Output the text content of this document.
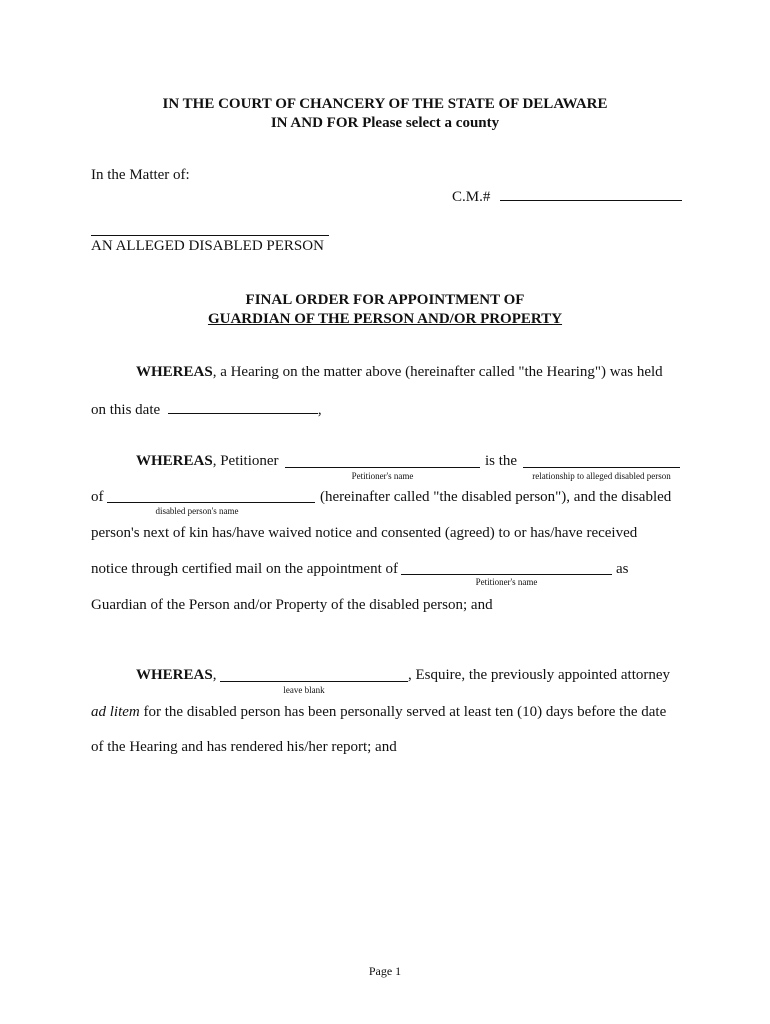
IN THE COURT OF CHANCERY OF THE STATE OF DELAWARE
IN AND FOR Please select a county
In the Matter of:
C.M.#
AN ALLEGED DISABLED PERSON
FINAL ORDER FOR APPOINTMENT OF
GUARDIAN OF THE PERSON AND/OR PROPERTY
WHEREAS, a Hearing on the matter above (hereinafter called "the Hearing") was held
on this date	,
WHEREAS, Petitioner	is the
Petitioner's name	relationship to alleged disabled person
of	(hereinafter called "the disabled person"), and the disabled
disabled person's name
person's next of kin has/have waived notice and consented (agreed) to or has/have received
notice through certified mail on the appointment of	as
Petitioner's name
Guardian of the Person and/or Property of the disabled person; and
WHEREAS,	, Esquire, the previously appointed attorney
leave blank
ad litem for the disabled person has been personally served at least ten (10) days before the date
of the Hearing and has rendered his/her report; and
Page 1
